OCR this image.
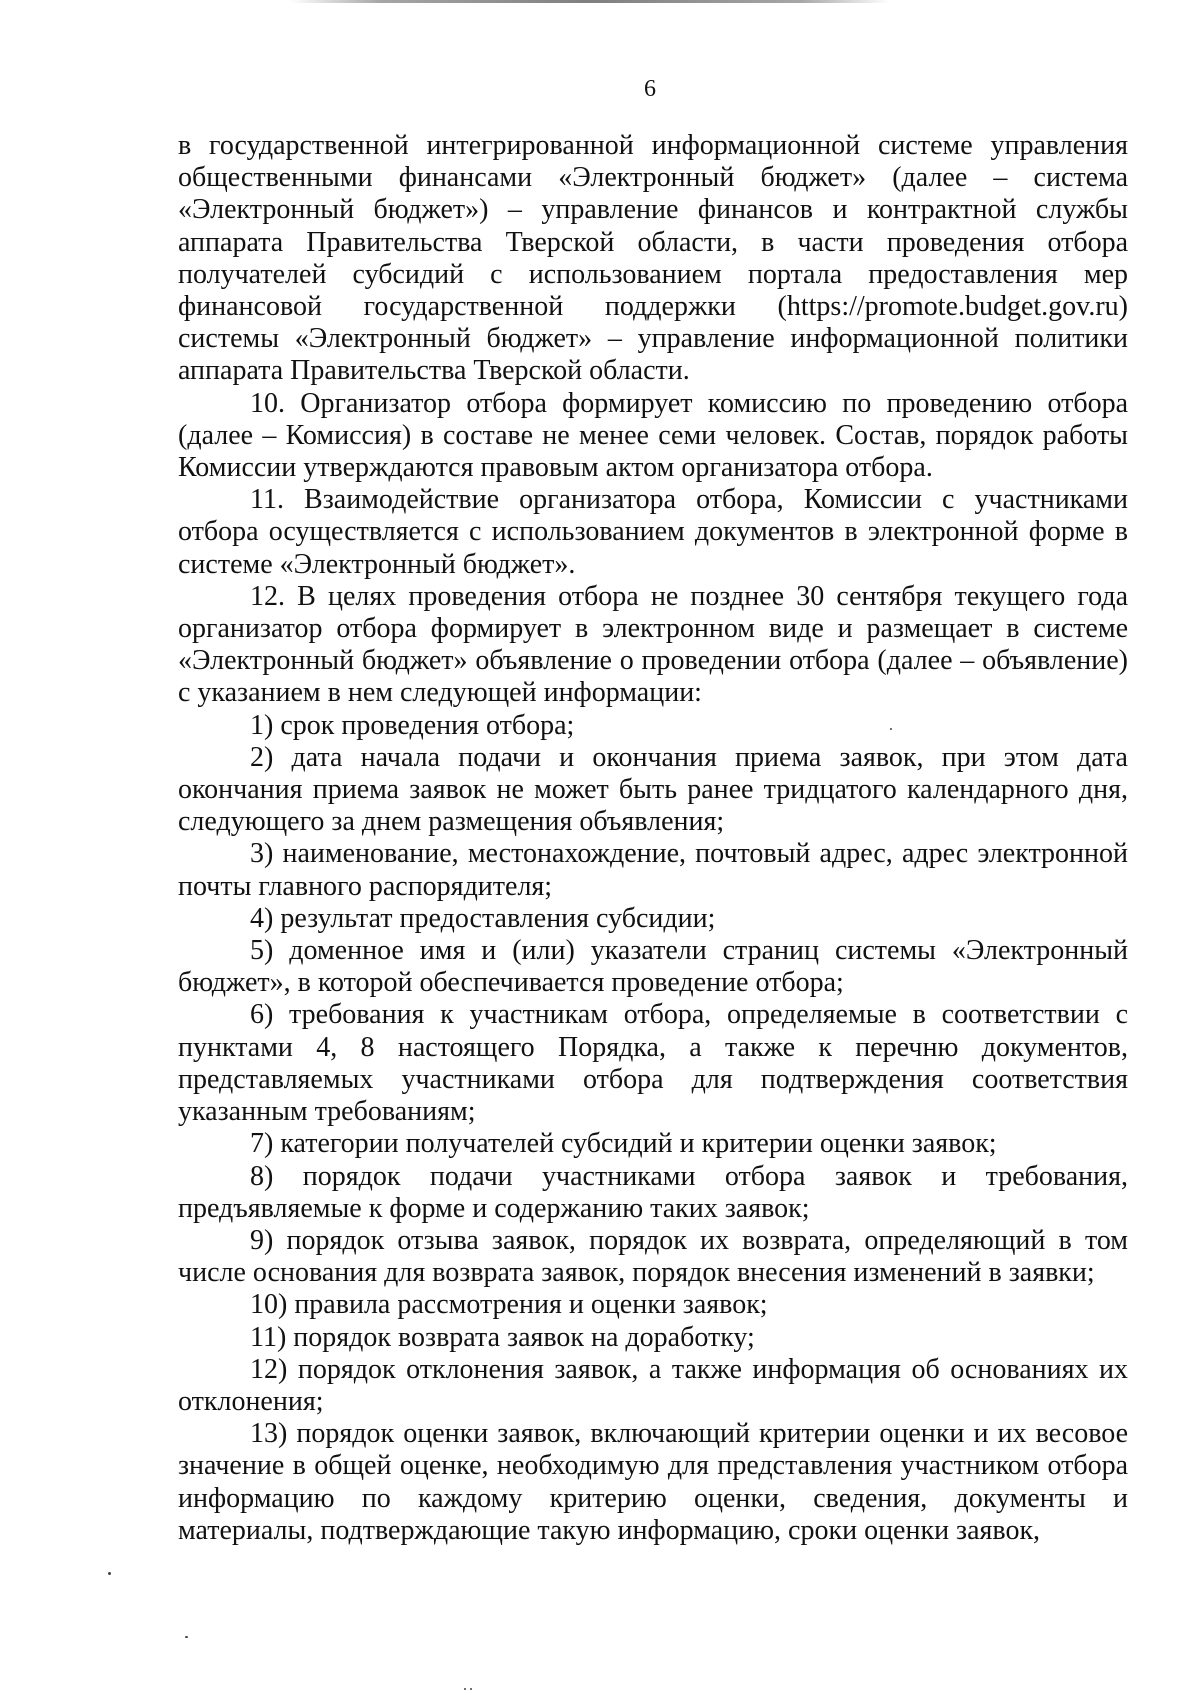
6

в государственной интегрированной информационной системе управления общественными финансами «Электронный бюджет» (далее – система «Электронный бюджет») – управление финансов и контрактной службы аппарата Правительства Тверской области, в части проведения отбора получателей субсидий с использованием портала предоставления мер финансовой государственной поддержки (https://promote.budget.gov.ru) системы «Электронный бюджет» – управление информационной политики аппарата Правительства Тверской области.

10. Организатор отбора формирует комиссию по проведению отбора (далее – Комиссия) в составе не менее семи человек. Состав, порядок работы Комиссии утверждаются правовым актом организатора отбора.

11. Взаимодействие организатора отбора, Комиссии с участниками отбора осуществляется с использованием документов в электронной форме в системе «Электронный бюджет».

12. В целях проведения отбора не позднее 30 сентября текущего года организатор отбора формирует в электронном виде и размещает в системе «Электронный бюджет» объявление о проведении отбора (далее – объявление) с указанием в нем следующей информации:

1) срок проведения отбора;

2) дата начала подачи и окончания приема заявок, при этом дата окончания приема заявок не может быть ранее тридцатого календарного дня, следующего за днем размещения объявления;

3) наименование, местонахождение, почтовый адрес, адрес электронной почты главного распорядителя;

4) результат предоставления субсидии;

5) доменное имя и (или) указатели страниц системы «Электронный бюджет», в которой обеспечивается проведение отбора;

6) требования к участникам отбора, определяемые в соответствии с пунктами 4, 8 настоящего Порядка, а также к перечню документов, представляемых участниками отбора для подтверждения соответствия указанным требованиям;

7) категории получателей субсидий и критерии оценки заявок;

8) порядок подачи участниками отбора заявок и требования, предъявляемые к форме и содержанию таких заявок;

9) порядок отзыва заявок, порядок их возврата, определяющий в том числе основания для возврата заявок, порядок внесения изменений в заявки;

10) правила рассмотрения и оценки заявок;

11) порядок возврата заявок на доработку;

12) порядок отклонения заявок, а также информация об основаниях их отклонения;

13) порядок оценки заявок, включающий критерии оценки и их весовое значение в общей оценке, необходимую для представления участником отбора информацию по каждому критерию оценки, сведения, документы и материалы, подтверждающие такую информацию, сроки оценки заявок,
